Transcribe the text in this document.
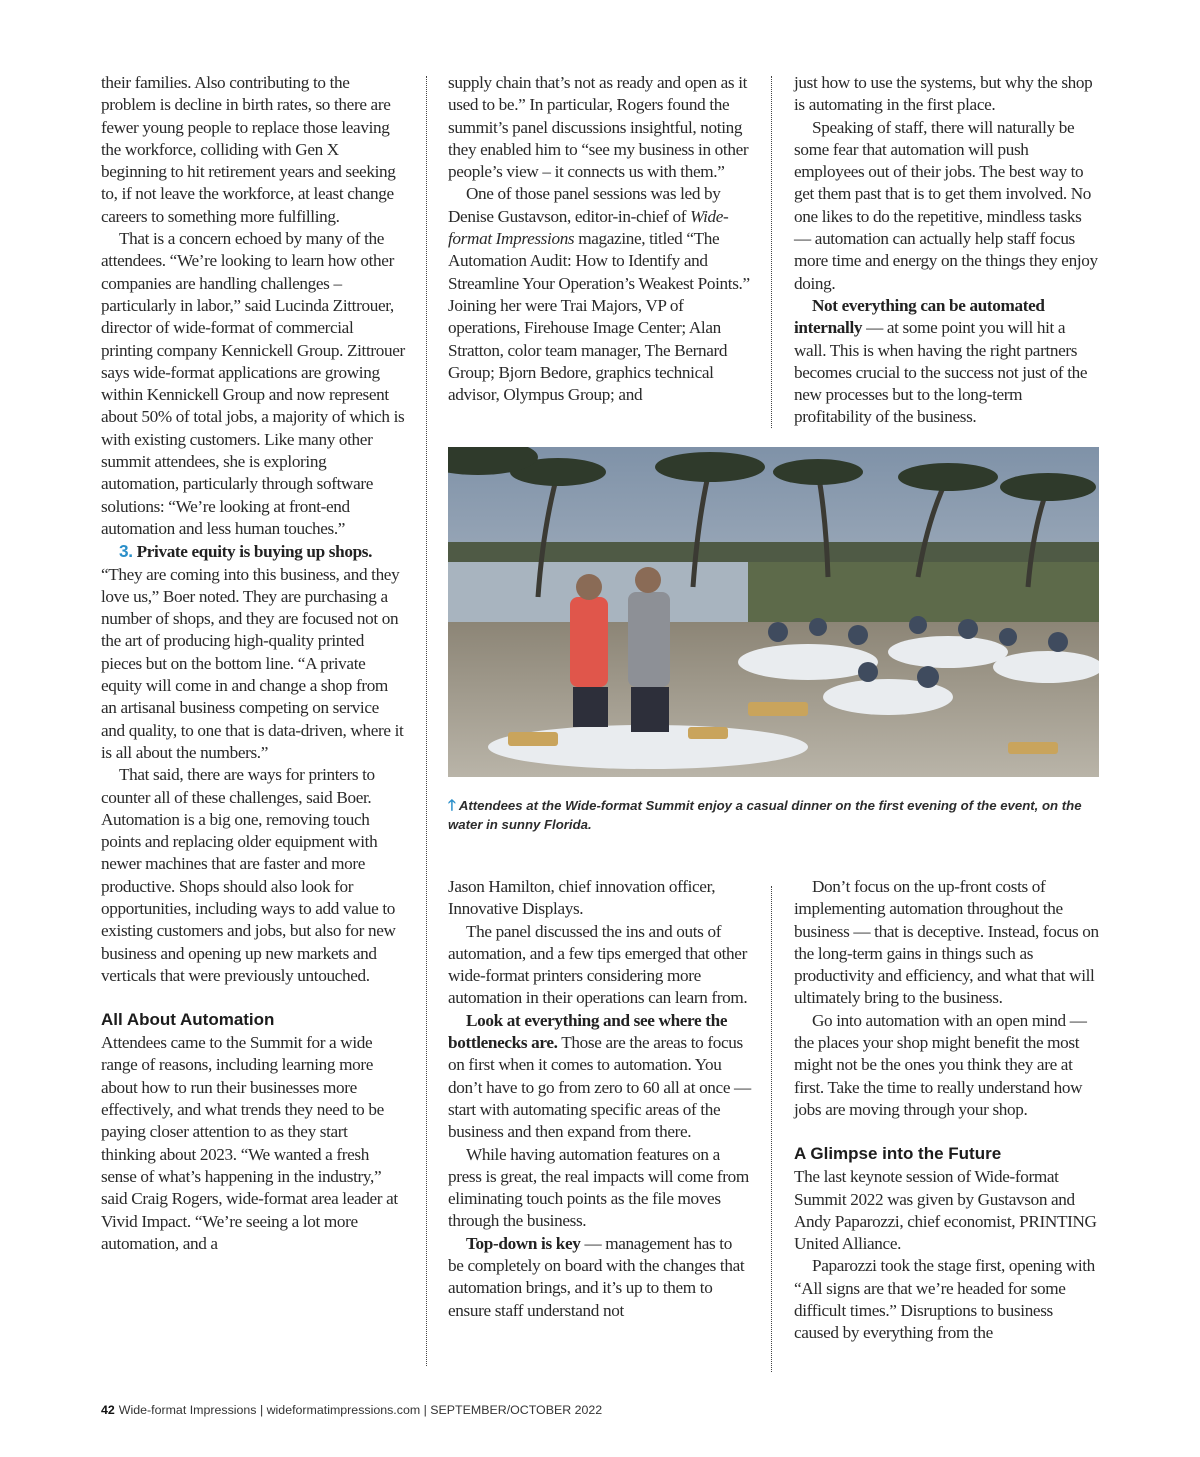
their families. Also contributing to the problem is decline in birth rates, so there are fewer young people to replace those leaving the workforce, colliding with Gen X beginning to hit retirement years and seeking to, if not leave the workforce, at least change careers to something more fulfilling.

That is a concern echoed by many of the attendees. “We’re looking to learn how other companies are handling challenges – particularly in labor,” said Lucinda Zittrouer, director of wide-format of commercial printing company Kennickell Group. Zittrouer says wide-format applications are growing within Kennickell Group and now represent about 50% of total jobs, a majority of which is with existing customers. Like many other summit attendees, she is exploring automation, particularly through software solutions: “We’re looking at front-end automation and less human touches.”

3. Private equity is buying up shops. “They are coming into this business, and they love us,” Boer noted. They are purchasing a number of shops, and they are focused not on the art of producing high-quality printed pieces but on the bottom line. “A private equity will come in and change a shop from an artisanal business competing on service and quality, to one that is data-driven, where it is all about the numbers.”

That said, there are ways for printers to counter all of these challenges, said Boer. Automation is a big one, removing touch points and replacing older equipment with newer machines that are faster and more productive. Shops should also look for opportunities, including ways to add value to existing customers and jobs, but also for new business and opening up new markets and verticals that were previously untouched.

All About Automation

Attendees came to the Summit for a wide range of reasons, including learning more about how to run their businesses more effectively, and what trends they need to be paying closer attention to as they start thinking about 2023. “We wanted a fresh sense of what’s happening in the industry,” said Craig Rogers, wide-format area leader at Vivid Impact. “We’re seeing a lot more automation, and a

supply chain that’s not as ready and open as it used to be.” In particular, Rogers found the summit’s panel discussions insightful, noting they enabled him to “see my business in other people’s view – it connects us with them.”

One of those panel sessions was led by Denise Gustavson, editor-in-chief of Wide-format Impressions magazine, titled “The Automation Audit: How to Identify and Streamline Your Operation’s Weakest Points.” Joining her were Trai Majors, VP of operations, Firehouse Image Center; Alan Stratton, color team manager, The Bernard Group; Bjorn Bedore, graphics technical advisor, Olympus Group; and

just how to use the systems, but why the shop is automating in the first place.

Speaking of staff, there will naturally be some fear that automation will push employees out of their jobs. The best way to get them past that is to get them involved. No one likes to do the repetitive, mindless tasks — automation can actually help staff focus more time and energy on the things they enjoy doing.

Not everything can be automated internally — at some point you will hit a wall. This is when having the right partners becomes crucial to the success not just of the new processes but to the long-term profitability of the business.

🡑 Attendees at the Wide-format Summit enjoy a casual dinner on the first evening of the event, on the water in sunny Florida.

Jason Hamilton, chief innovation officer, Innovative Displays.

The panel discussed the ins and outs of automation, and a few tips emerged that other wide-format printers considering more automation in their operations can learn from.

Look at everything and see where the bottlenecks are. Those are the areas to focus on first when it comes to automation. You don’t have to go from zero to 60 all at once — start with automating specific areas of the business and then expand from there.

While having automation features on a press is great, the real impacts will come from eliminating touch points as the file moves through the business.

Top-down is key — management has to be completely on board with the changes that automation brings, and it’s up to them to ensure staff understand not

Don’t focus on the up-front costs of implementing automation throughout the business — that is deceptive. Instead, focus on the long-term gains in things such as productivity and efficiency, and what that will ultimately bring to the business.

Go into automation with an open mind — the places your shop might benefit the most might not be the ones you think they are at first. Take the time to really understand how jobs are moving through your shop.

A Glimpse into the Future

The last keynote session of Wide-format Summit 2022 was given by Gustavson and Andy Paparozzi, chief economist, PRINTING United Alliance.

Paparozzi took the stage first, opening with “All signs are that we’re headed for some difficult times.” Disruptions to business caused by everything from the

42 Wide-format Impressions | wideformatimpressions.com | SEPTEMBER/OCTOBER 2022
